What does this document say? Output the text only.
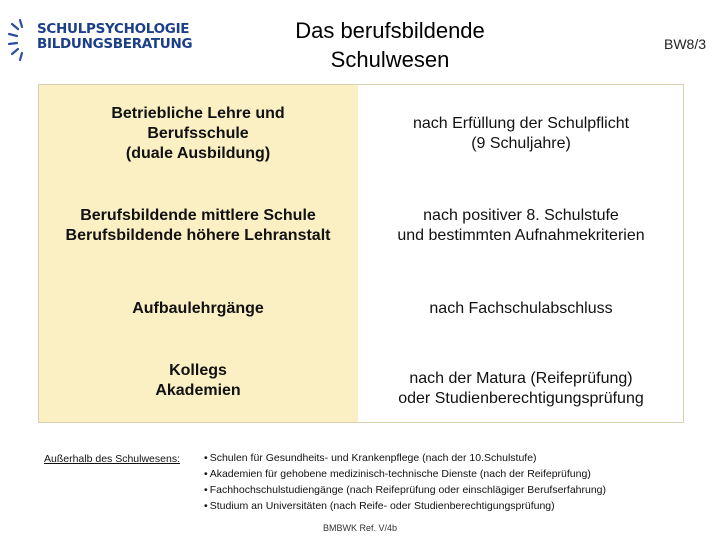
SCHULPSYCHOLOGIE
BILDUNGSBERATUNG
Das berufsbildende
Schulwesen
BW8/3
Betriebliche Lehre und
Berufsschule
(duale Ausbildung)
nach Erfüllung der Schulpflicht
(9 Schuljahre)
Berufsbildende mittlere Schule
Berufsbildende höhere Lehranstalt
nach positiver 8. Schulstufe
und bestimmten Aufnahmekriterien
Aufbaulehrgänge	nach Fachschulabschluss
Kollegs
Akademien
nach der Matura (Reifeprüfung)
oder Studienberechtigungsprüfung
Außerhalb des Schulwesens:
•	Schulen für Gesundheits- und Krankenpflege (nach der 10.Schulstufe)
• Akademien für gehobene medizinisch-technische Dienste (nach der Reifeprüfung)
• Fachhochschulstudiengänge (nach Reifeprüfung oder einschlägiger Berufserfahrung)
• Studium an Universitäten (nach Reife- oder Studienberechtigungsprüfung)
BMBWK Ref. V/4b
